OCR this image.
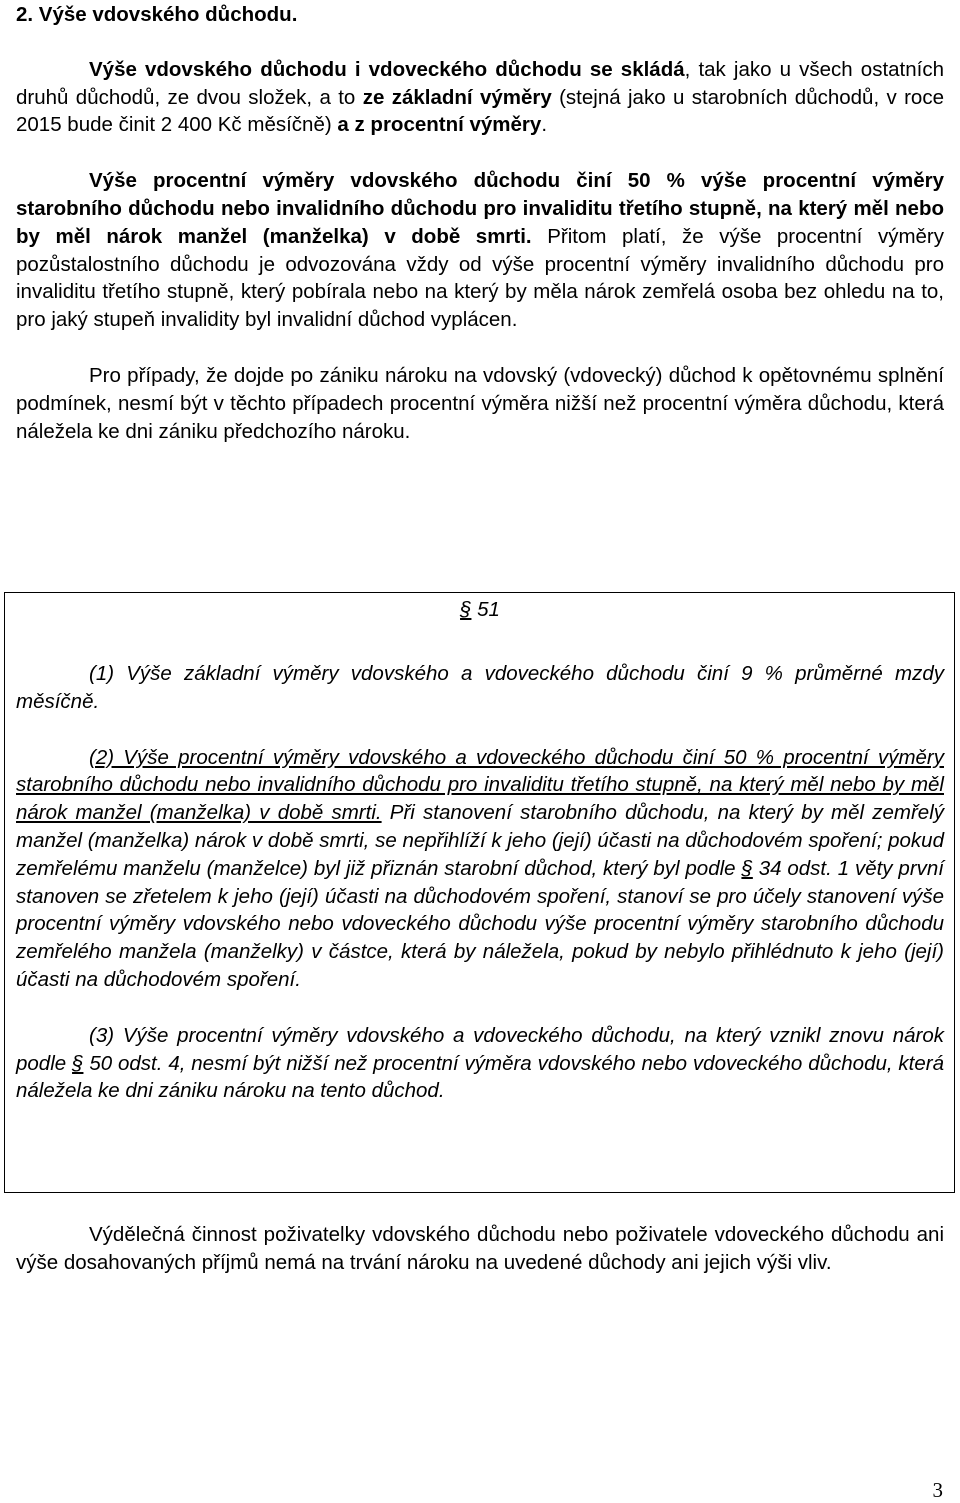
2. Výše vdovského důchodu.

Výše vdovského důchodu i vdoveckého důchodu se skládá, tak jako u všech ostatních druhů důchodů, ze dvou složek, a to ze základní výměry (stejná jako u starobních důchodů, v roce 2015 bude činit 2 400 Kč měsíčně) a z procentní výměry.

Výše procentní výměry vdovského důchodu činí 50 % výše procentní výměry starobního důchodu nebo invalidního důchodu pro invaliditu třetího stupně, na který měl nebo by měl nárok manžel (manželka) v době smrti. Přitom platí, že výše procentní výměry pozůstalostního důchodu je odvozována vždy od výše procentní výměry invalidního důchodu pro invaliditu třetího stupně, který pobírala nebo na který by měla nárok zemřelá osoba bez ohledu na to, pro jaký stupeň invalidity byl invalidní důchod vyplácen.

Pro případy, že dojde po zániku nároku na vdovský (vdovecký) důchod k opětovnému splnění podmínek, nesmí být v těchto případech procentní výměra nižší než procentní výměra důchodu, která náležela ke dni zániku předchozího nároku.

§ 51

(1) Výše základní výměry vdovského a vdoveckého důchodu činí 9 % průměrné mzdy měsíčně.

(2) Výše procentní výměry vdovského a vdoveckého důchodu činí 50 % procentní výměry starobního důchodu nebo invalidního důchodu pro invaliditu třetího stupně, na který měl nebo by měl nárok manžel (manželka) v době smrti. Při stanovení starobního důchodu, na který by měl zemřelý manžel (manželka) nárok v době smrti, se nepřihlíží k jeho (její) účasti na důchodovém spoření; pokud zemřelému manželu (manželce) byl již přiznán starobní důchod, který byl podle § 34 odst. 1 věty první stanoven se zřetelem k jeho (její) účasti na důchodovém spoření, stanoví se pro účely stanovení výše procentní výměry vdovského nebo vdoveckého důchodu výše procentní výměry starobního důchodu zemřelého manžela (manželky) v částce, která by náležela, pokud by nebylo přihlédnuto k jeho (její) účasti na důchodovém spoření.

(3) Výše procentní výměry vdovského a vdoveckého důchodu, na který vznikl znovu nárok podle § 50 odst. 4, nesmí být nižší než procentní výměra vdovského nebo vdoveckého důchodu, která náležela ke dni zániku nároku na tento důchod.

Výdělečná činnost poživatelky vdovského důchodu nebo poživatele vdoveckého důchodu ani výše dosahovaných příjmů nemá na trvání nároku na uvedené důchody ani jejich výši vliv.

3
